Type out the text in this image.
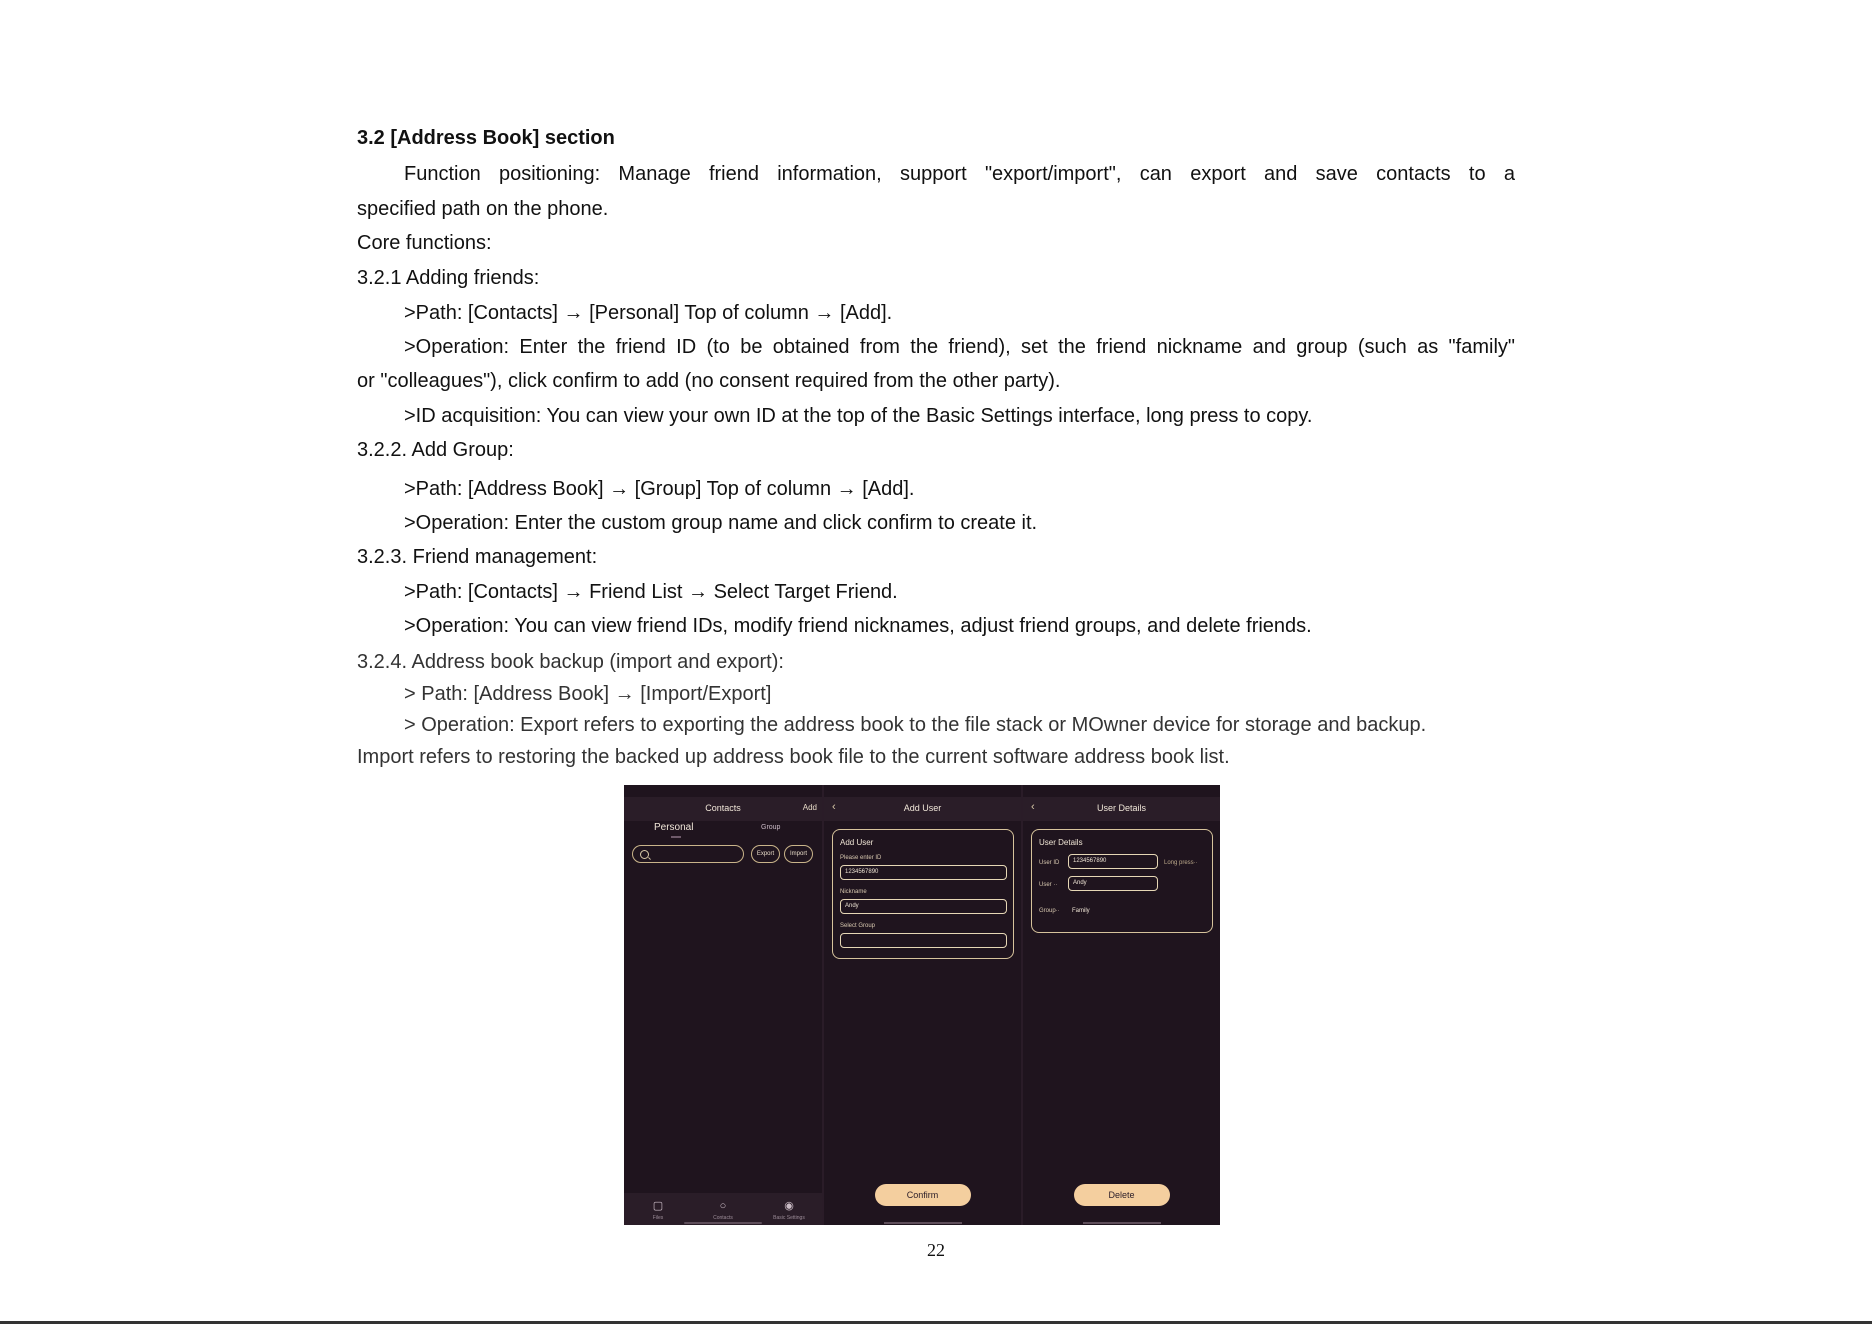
3.2 [Address Book] section
Function positioning: Manage friend information, support "export/import", can export and save contacts to a
specified path on the phone.
Core functions:
3.2.1 Adding friends:
>Path: [Contacts] → [Personal] Top of column → [Add].
>Operation: Enter the friend ID (to be obtained from the friend), set the friend nickname and group (such as "family"
or "colleagues"), click confirm to add (no consent required from the other party).
>ID acquisition: You can view your own ID at the top of the Basic Settings interface, long press to copy.
3.2.2. Add Group:
>Path: [Address Book] → [Group] Top of column → [Add].
>Operation: Enter the custom group name and click confirm to create it.
3.2.3. Friend management:
>Path: [Contacts] → Friend List → Select Target Friend.
>Operation: You can view friend IDs, modify friend nicknames, adjust friend groups, and delete friends.
3.2.4. Address book backup (import and export):
> Path: [Address Book] → [Import/Export]
> Operation: Export refers to exporting the address book to the file stack or MOwner device for storage and backup.
Import refers to restoring the backed up address book file to the current software address book list.
Contacts	Add
Personal	Group
Export	Import
▢
Files
○
Contacts
◉
Basic Settings
‹	Add User
Add User
Please enter ID
1234567890
Nickname
Andy
Select Group
Confirm
‹	User Details
User Details
User ID	1234567890	Long press··
User ··	Andy
Group·· Family
Delete
22
